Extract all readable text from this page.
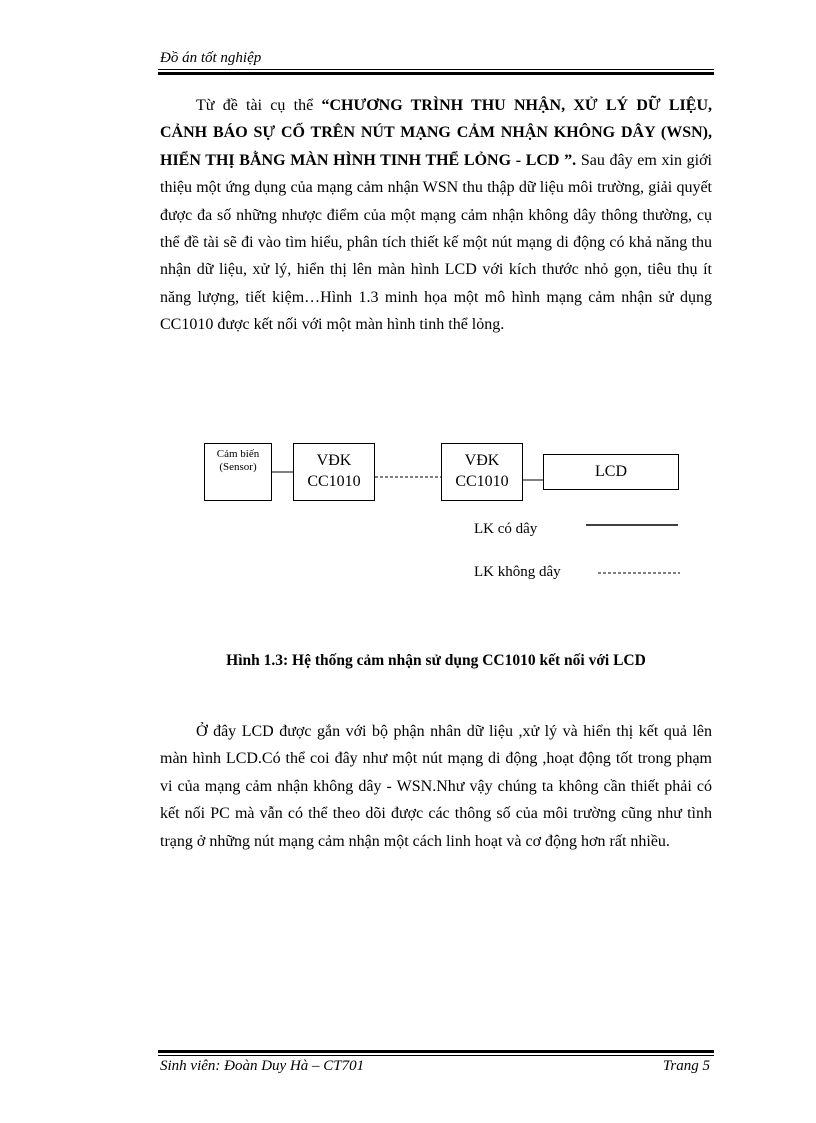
Đồ án tốt nghiệp
Từ đề tài cụ thể “CHƯƠNG TRÌNH THU NHẬN, XỬ LÝ DỮ LIỆU, CẢNH BÁO SỰ CỐ TRÊN NÚT MẠNG CẢM NHẬN KHÔNG DÂY (WSN), HIỂN THỊ BẰNG MÀN HÌNH TINH THỂ LỎNG - LCD ”. Sau đây em xin giới thiệu một ứng dụng của mạng cảm nhận WSN thu thập dữ liệu môi trường, giải quyết được đa số những nhược điểm của một mạng cảm nhận không dây thông thường, cụ thể đề tài sẽ đi vào tìm hiểu, phân tích thiết kế một nút mạng di động có khả năng thu nhận dữ liệu, xử lý, hiển thị lên màn hình LCD với kích thước nhỏ gọn, tiêu thụ ít năng lượng, tiết kiệm…Hình 1.3 minh họa một mô hình mạng cảm nhận sử dụng CC1010 được kết nối với một màn hình tinh thể lỏng.
Cảm biến
(Sensor)	VĐK
CC1010
VĐK
CC1010
LCD
LK có dây
LK không dây
Hình 1.3: Hệ thống cảm nhận sử dụng CC1010 kết nối với LCD
Ở đây LCD được gắn với bộ phận nhân dữ liệu ,xử lý và hiển thị kết quả lên màn hình LCD.Có thể coi đây như một nút mạng di động ,hoạt động tốt trong phạm vi của mạng cảm nhận không dây - WSN.Như vậy chúng ta không cần thiết phải có kết nối PC mà vẫn có thể theo dõi được các thông số của môi trường cũng như tình trạng ở những nút mạng cảm nhận một cách linh hoạt và cơ động hơn rất nhiều.
Sinh viên: Đoàn Duy Hà – CT701	Trang 5
